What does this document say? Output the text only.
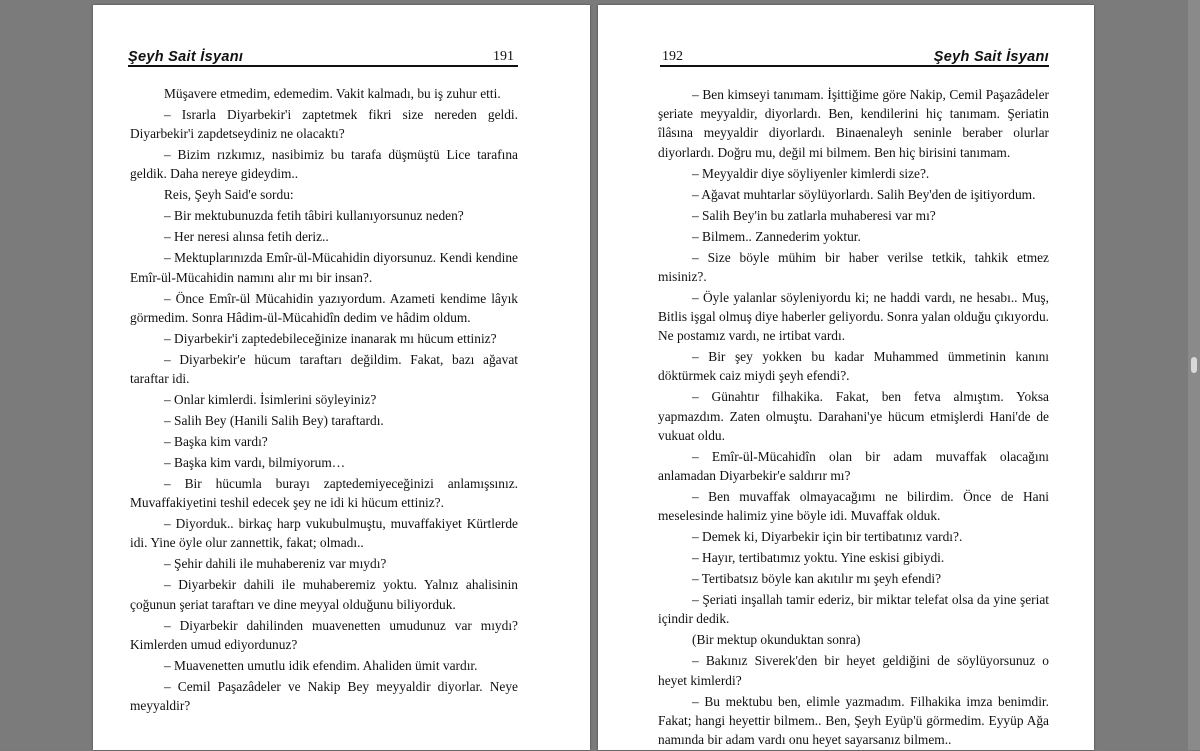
Şeyh Sait İsyanı	191

Müşavere etmedim, edemedim. Vakit kalmadı, bu iş zuhur etti.

– Israrla Diyarbekir'i zaptetmek fikri size nereden geldi. Diyarbekir'i zapdetseydiniz ne olacaktı?

– Bizim rızkımız, nasibimiz bu tarafa düşmüştü Lice tarafına geldik. Daha nereye gideydim..

Reis, Şeyh Said'e sordu:

– Bir mektubunuzda fetih tâbiri kullanıyorsunuz neden?

– Her neresi alınsa fetih deriz..

– Mektuplarınızda Emîr-ül-Mücahidin diyorsunuz. Kendi kendine Emîr-ül-Mücahidin namını alır mı bir insan?.

– Önce Emîr-ül Mücahidin yazıyordum. Azameti kendime lâyık görmedim. Sonra Hâdim-ül-Mücahidîn dedim ve hâdim oldum.

– Diyarbekir'i zaptedebileceğinize inanarak mı hücum ettiniz?

– Diyarbekir'e hücum taraftarı değildim. Fakat, bazı ağavat taraftar idi.

– Onlar kimlerdi. İsimlerini söyleyiniz?

– Salih Bey (Hanili Salih Bey) taraftardı.

– Başka kim vardı?

– Başka kim vardı, bilmiyorum…

– Bir hücumla burayı zaptedemiyeceğinizi anlamışsınız. Muvaffakiyetini teshil edecek şey ne idi ki hücum ettiniz?.

– Diyorduk.. birkaç harp vukubulmuştu, muvaffakiyet Kürtlerde idi. Yine öyle olur zannettik, fakat; olmadı..

– Şehir dahili ile muhabereniz var mıydı?

– Diyarbekir dahili ile muhaberemiz yoktu. Yalnız ahalisinin çoğunun şeriat taraftarı ve dine meyyal olduğunu biliyorduk.

– Diyarbekir dahilinden muavenetten umudunuz var mıydı? Kimlerden umud ediyordunuz?

– Muavenetten umutlu idik efendim. Ahaliden ümit vardır.

– Cemil Paşazâdeler ve Nakip Bey meyyaldir diyorlar. Neye meyyaldir?

192	Şeyh Sait İsyanı

– Ben kimseyi tanımam. İşittiğime göre Nakip, Cemil Paşazâdeler şeriate meyyaldir, diyorlardı. Ben, kendilerini hiç tanımam. Şeriatin îlâsına meyyaldir diyorlardı. Binaenaleyh seninle beraber olurlar diyorlardı. Doğru mu, değil mi bilmem. Ben hiç birisini tanımam.

– Meyyaldir diye söyliyenler kimlerdi size?.

– Ağavat muhtarlar söylüyorlardı. Salih Bey'den de işitiyordum.

– Salih Bey'in bu zatlarla muhaberesi var mı?

– Bilmem.. Zannederim yoktur.

– Size böyle mühim bir haber verilse tetkik, tahkik etmez misiniz?.

– Öyle yalanlar söyleniyordu ki; ne haddi vardı, ne hesabı.. Muş, Bitlis işgal olmuş diye haberler geliyordu. Sonra yalan olduğu çıkıyordu. Ne postamız vardı, ne irtibat vardı.

– Bir şey yokken bu kadar Muhammed ümmetinin kanını döktürmek caiz miydi şeyh efendi?.

– Günahtır filhakika. Fakat, ben fetva almıştım. Yoksa yapmazdım. Zaten olmuştu. Darahani'ye hücum etmişlerdi Hani'de de vukuat oldu.

– Emîr-ül-Mücahidîn olan bir adam muvaffak olacağını anlamadan Diyarbekir'e saldırır mı?

– Ben muvaffak olmayacağımı ne bilirdim. Önce de Hani meselesinde halimiz yine böyle idi. Muvaffak olduk.

– Demek ki, Diyarbekir için bir tertibatınız vardı?.

– Hayır, tertibatımız yoktu. Yine eskisi gibiydi.

– Tertibatsız böyle kan akıtılır mı şeyh efendi?

– Şeriati inşallah tamir ederiz, bir miktar telefat olsa da yine şeriat içindir dedik.

(Bir mektup okunduktan sonra)

– Bakınız Siverek'den bir heyet geldiğini de söylüyorsunuz o heyet kimlerdi?

– Bu mektubu ben, elimle yazmadım. Filhakika imza benimdir. Fakat; hangi heyettir bilmem.. Ben, Şeyh Eyüp'ü görmedim. Eyyüp Ağa namında bir adam vardı onu heyet sayarsanız bilmem..
